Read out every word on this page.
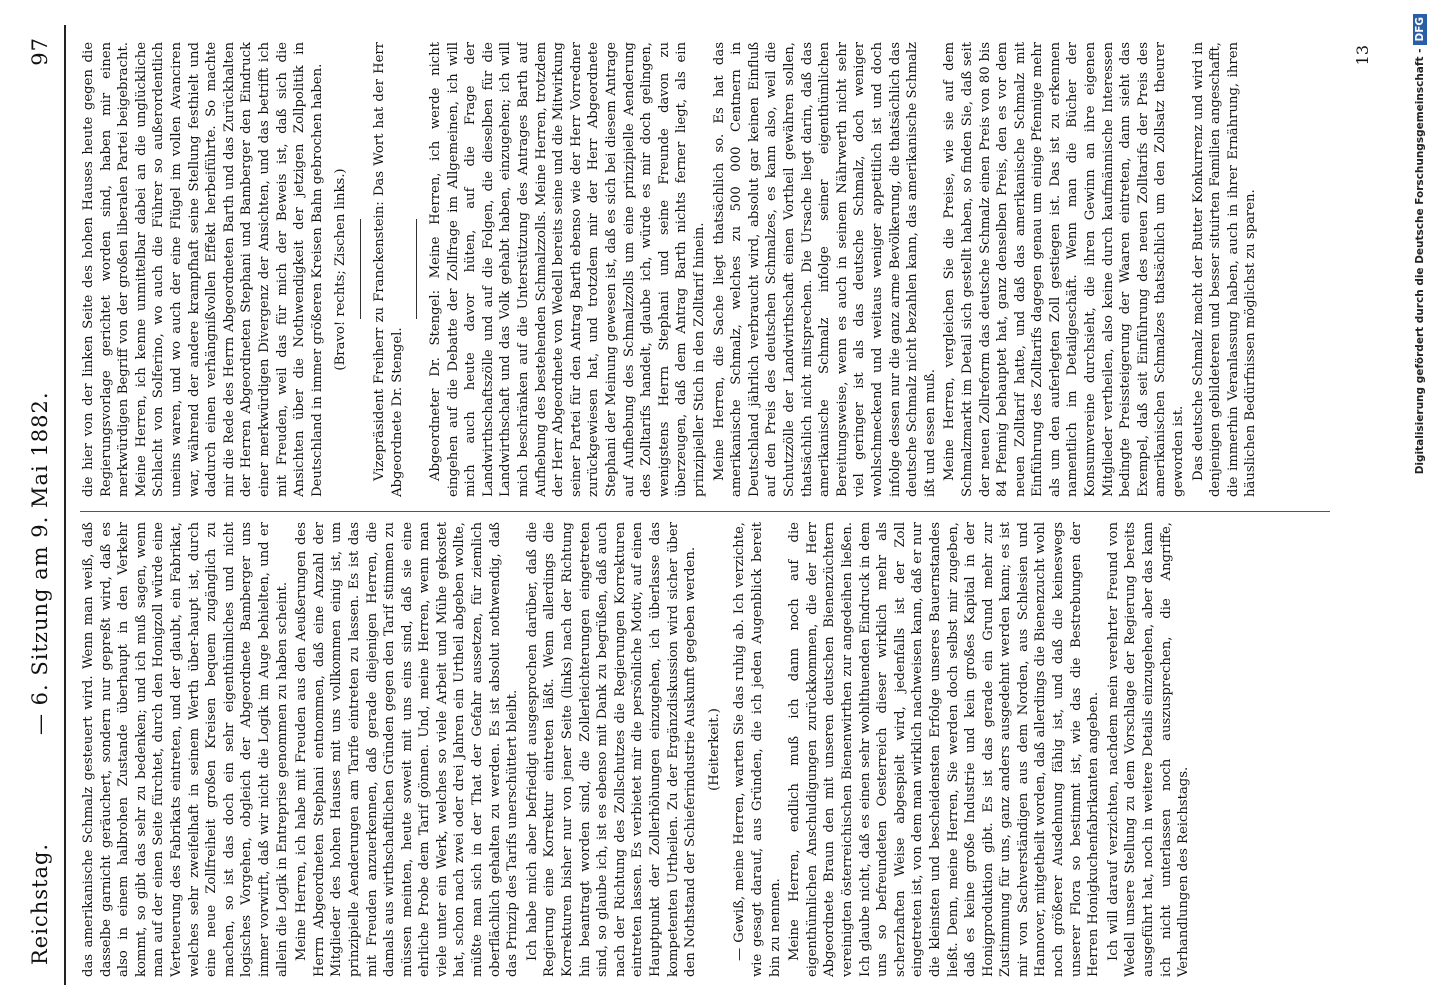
Reichstag.
— 6. Sitzung am 9. Mai 1882.
97

das amerikanische Schmalz gesteuert wird. Wenn man weiß, daß dasselbe garnicht geräuchert, sondern nur gepreßt wird, daß es also in einem halbrohen Zustande überhaupt in den Verkehr kommt, so gibt das sehr zu bedenken; und ich muß sagen, wenn man auf der einen Seite fürchtet, durch den Honigzoll würde eine Verteuerung des Fabrikats eintreten, und der glaubt, ein Fabrikat, welches sehr zweifelhaft in seinem Werth über-haupt ist, durch eine neue Zollfreiheit großen Kreisen bequem zugänglich zu machen, so ist das doch ein sehr eigenthümliches und nicht logisches Vorgehen, obgleich der Abgeordnete Bamberger uns immer vorwirft, daß wir nicht die Logik im Auge behielten, und er allein die Logik in Entreprise genommen zu haben scheint. Meine Herren, ich habe mit Freuden aus den Aeußerungen des Herrn Abgeordneten Stephani entnommen, daß eine Anzahl der Mitglieder des hohen Hauses mit uns vollkommen einig ist, um prinzipielle Aenderungen am Tarife eintreten zu lassen. Es ist das mit Freuden anzuerkennen, daß gerade diejenigen Herren, die damals aus wirthschaftlichen Gründen gegen den Tarif stimmen zu müssen meinten, heute soweit mit uns eins sind, daß sie eine ehrliche Probe dem Tarif gönnen. Und, meine Herren, wenn man viele unter ein Werk, welches so viele Arbeit und Mühe gekostet hat, schon nach zwei oder drei Jahren ein Urtheil abgeben wollte, müßte man sich in der That der Gefahr aussetzen, für ziemlich oberflächlich gehalten zu werden. Es ist absolut nothwendig, daß das Prinzip des Tarifs unerschüttert bleibt. Ich habe mich aber befriedigt ausgesprochen darüber, daß die Regierung eine Korrektur eintreten läßt. Wenn allerdings die Korrekturen bisher nur von jener Seite (links) nach der Richtung hin beantragt worden sind, die Zollerleichterungen eingetreten sind, so glaube ich, ist es ebenso mit Dank zu begrüßen, daß auch nach der Richtung des Zollschutzes die Regierungen Korrekturen eintreten lassen. Es verbietet mir die persönliche Motiv, auf einen Hauptpunkt der Zollerhöhungen einzugehen, ich überlasse das kompetenten Urtheilen. Zu der Ergänzdiskussion wird sicher über den Nothstand der Schieferindustrie Auskunft gegeben werden. (Heiterkeit.) — Gewiß, meine Herren, warten Sie das ruhig ab. Ich verzichte, wie gesagt darauf, aus Gründen, die ich jeden Augenblick bereit bin zu nennen. Meine Herren, endlich muß ich dann noch auf die eigenthümlichen Anschuldigungen zurückkommen, die der Herr Abgeordnete Braun den mit unseren deutschen Bienenzüchtern vereinigten österreichischen Bienenwirthen zur angedeihen ließen. Ich glaube nicht, daß es einen sehr wohlthuenden Eindruck in dem uns so befreundeten Oesterreich dieser wirklich mehr als scherzhaften Weise abgespielt wird, jedenfalls ist der Zoll eingetreten ist, von dem man wirklich nachweisen kann, daß er nur die kleinsten und bescheidensten Erfolge unseres Bauernstandes ließt. Denn, meine Herren, Sie werden doch selbst mir zugeben, daß es keine große Industrie und kein großes Kapital in der Honigproduktion gibt. Es ist das gerade ein Grund mehr zur Zustimmung für uns, ganz anders ausgedehnt werden kann; es ist mir von Sachverständigen aus dem Norden, aus Schlesien und Hannover, mitgetheilt worden, daß allerdings die Bienenzucht wohl noch größerer Ausdehnung fähig ist, und daß die keineswegs unserer Flora so bestimmt ist, wie das die Bestrebungen der Herren Honigkuchenfabrikanten angeben. Ich will darauf verzichten, nachdem mein verehrter Freund von Wedell unsere Stellung zu dem Vorschlage der Regierung bereits ausgeführt hat, noch in weitere Details einzugehen, aber das kann ich nicht unterlassen noch auszusprechen, die Angriffe, Verhandlungen des Reichstags.

die hier von der linken Seite des hohen Hauses heute gegen die Regierungsvorlage gerichtet worden sind, haben mir einen merkwürdigen Begriff von der großen liberalen Partei beigebracht. Meine Herren, ich kenne unmittelbar dabei an die unglückliche Schlacht von Solferino, wo auch die Führer so außerordentlich uneins waren, und wo auch der eine Flügel im vollen Avanciren war, während der andere krampfhaft seine Stellung festhielt und dadurch einen verhängnißvollen Effekt herbeiführte. So machte mir die Rede des Herrn Abgeordneten Barth und das Zurückhalten der Herren Abgeordneten Stephani und Bamberger den Eindruck einer merkwürdigen Divergenz der Ansichten, und das betrifft ich mit Freuden, weil das für mich der Beweis ist, daß sich die Ansichten über die Nothwendigkeit der jetzigen Zollpolitik in Deutschland in immer größeren Kreisen Bahn gebrochen haben. (Bravo! rechts; Zischen links.) Vizepräsident Freiherr zu Franckenstein: Das Wort hat der Herr Abgeordnete Dr. Stengel. Abgeordneter Dr. Stengel: Meine Herren, ich werde nicht eingehen auf die Debatte der Zollfrage im Allgemeinen, ich will mich auch heute davor hüten, auf die Frage der Landwirthschaftszölle und auf die Folgen, die dieselben für die Landwirthschaft und das Volk gehabt haben, einzugehen; ich will mich beschränken auf die Unterstützung des Antrages Barth auf Aufhebung des bestehenden Schmalzzolls. Meine Herren, trotzdem der Herr Abgeordnete von Wedell bereits seine und die Mitwirkung seiner Partei für den Antrag Barth ebenso wie der Herr Vorredner zurückgewiesen hat, und trotzdem mir der Herr Abgeordnete Stephani der Meinung gewesen ist, daß es sich bei diesem Antrage auf Aufhebung des Schmalzzolls um eine prinzipielle Aenderung des Zolltarifs handelt, glaube ich, würde es mir doch gelingen, wenigstens Herrn Stephani und seine Freunde davon zu überzeugen, daß dem Antrag Barth nichts ferner liegt, als ein prinzipieller Stich in den Zolltarif hinein. Meine Herren, die Sache liegt thatsächlich so. Es hat das amerikanische Schmalz, welches zu 500 000 Centnern in Deutschland jährlich verbraucht wird, absolut gar keinen Einfluß auf den Preis des deutschen Schmalzes, es kann also, weil die Schutzzölle der Landwirthschaft einen Vortheil gewähren sollen, thatsächlich nicht mitsprechen. Die Ursache liegt darin, daß das amerikanische Schmalz infolge seiner eigenthümlichen Bereitungsweise, wenn es auch in seinem Nährwerth nicht sehr viel geringer ist als das deutsche Schmalz, doch weniger wohlschmeckend und weitaus weniger appetitlich ist und doch infolge dessen nur die ganz arme Bevölkerung, die thatsächlich das deutsche Schmalz nicht bezahlen kann, das amerikanische Schmalz ißt und essen muß. Meine Herren, vergleichen Sie die Preise, wie sie auf dem Schmalzmarkt im Detail sich gestellt haben, so finden Sie, daß seit der neuen Zollreform das deutsche Schmalz einen Preis von 80 bis 84 Pfennig behauptet hat, ganz denselben Preis, den es vor dem neuen Zolltarif hatte, und daß das amerikanische Schmalz mit Einführung des Zolltarifs dagegen genau um einige Pfennige mehr als um den auferlegten Zoll gestiegen ist. Das ist zu erkennen namentlich im Detailgeschäft. Wenn man die Bücher der Konsumvereine durchsieht, die ihren Gewinn an ihre eigenen Mitglieder vertheilen, also keine durch kaufmännische Interessen bedingte Preissteigerung der Waaren eintreten, dann sieht das Exempel, daß seit Einführung des neuen Zolltarifs der Preis des amerikanischen Schmalzes thatsächlich um den Zollsatz theurer geworden ist. Das deutsche Schmalz macht der Butter Konkurrenz und wird in denjenigen gebildeteren und besser situirten Familien angeschafft, die immerhin Veranlassung haben, auch in ihrer Ernährung, ihren häuslichen Bedürfnissen möglichst zu sparen.

13	Digitalisierung gefördert durch die Deutsche Forschungsgemeinschaft -DFG
